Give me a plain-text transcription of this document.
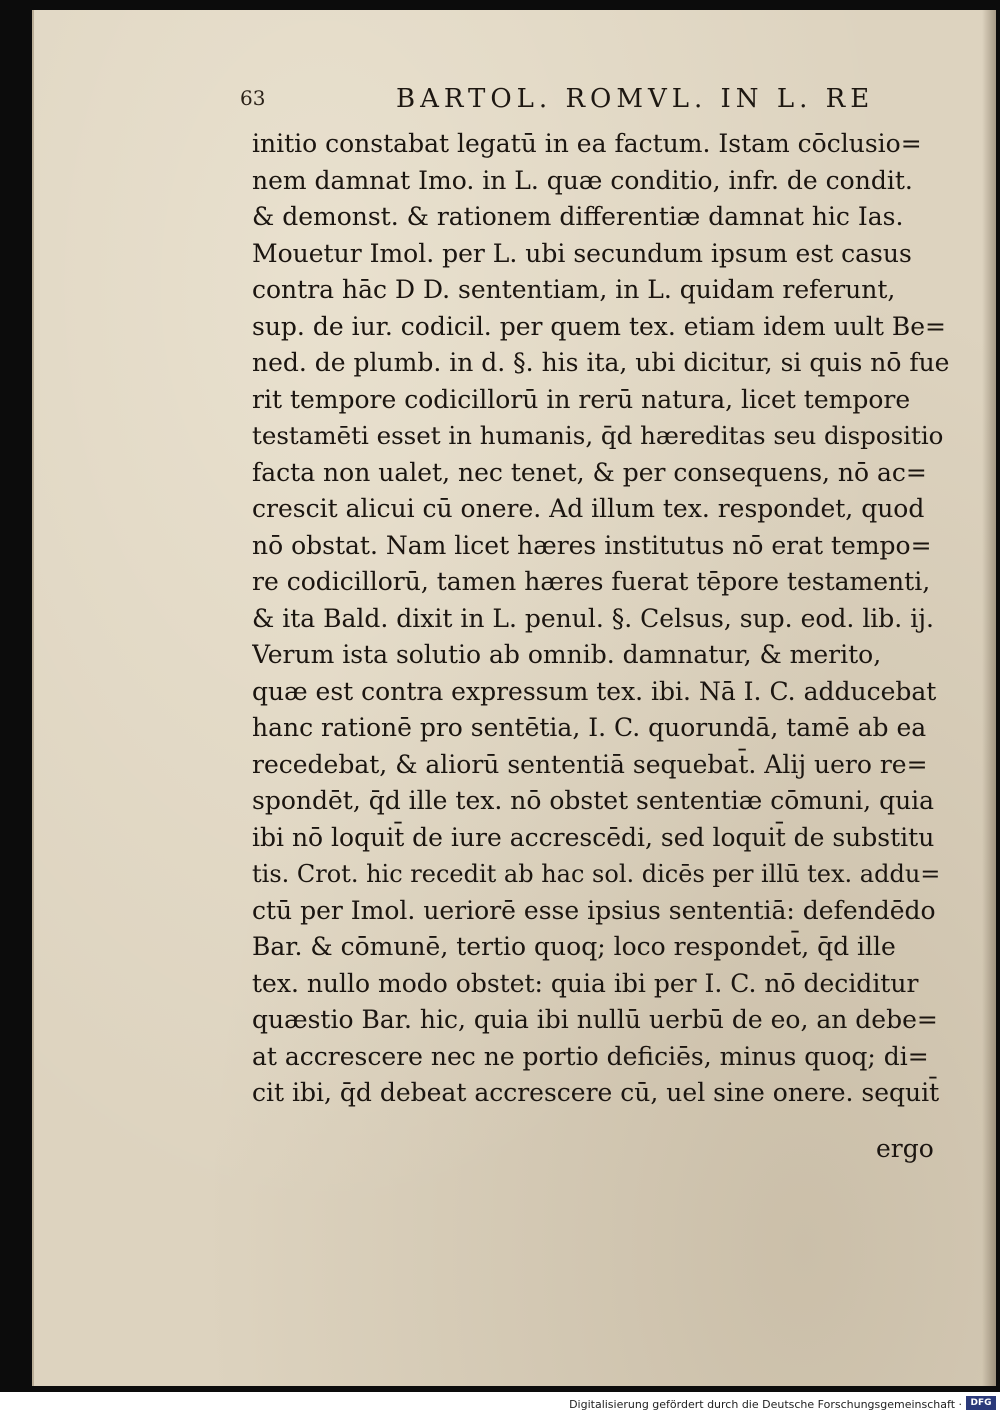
63	BARTOL. ROMVL. IN L. RE
initio constabat legatū in ea factum. Istam cōclusio=
nem damnat Imo. in L. quæ conditio, infr. de condit.
& demonst. & rationem differentiæ damnat hic Ias.
Mouetur Imol. per L. ubi secundum ipsum est casus
contra hāc D D. sententiam, in L. quidam referunt,
sup. de iur. codicil. per quem tex. etiam idem uult Be=
ned. de plumb. in d. §. his ita, ubi dicitur, si quis nō fue
rit tempore codicillorū in rerū natura, licet tempore
testamēti esset in humanis, q̄d hæreditas seu dispositio
facta non ualet, nec tenet, & per consequens, nō ac=
crescit alicui cū onere. Ad illum tex. respondet, quod
nō obstat. Nam licet hæres institutus nō erat tempo=
re codicillorū, tamen hæres fuerat tēpore testamenti,
& ita Bald. dixit in L. penul. §. Celsus, sup. eod. lib. ij.
Verum ista solutio ab omnib. damnatur, & merito,
quæ est contra expressum tex. ibi. Nā I. C. adducebat
hanc rationē pro sentētia, I. C. quorundā, tamē ab ea
recedebat, & aliorū sententiā sequebat̄. Alij uero re=
spondēt, q̄d ille tex. nō obstet sententiæ cōmuni, quia
ibi nō loquit̄ de iure accrescēdi, sed loquit̄ de substitu
tis. Crot. hic recedit ab hac sol. dicēs per illū tex. addu=
ctū per Imol. ueriorē esse ipsius sententiā: defendēdo
Bar. & cōmunē, tertio quoq; loco respondet̄, q̄d ille
tex. nullo modo obstet: quia ibi per I. C. nō deciditur
quæstio Bar. hic, quia ibi nullū uerbū de eo, an debe=
at accrescere nec ne portio deficiēs, minus quoq; di=
cit ibi, q̄d debeat accrescere cū, uel sine onere. sequit̄
ergo
Digitalisierung gefördert durch die Deutsche Forschungsgemeinschaft · DFG
